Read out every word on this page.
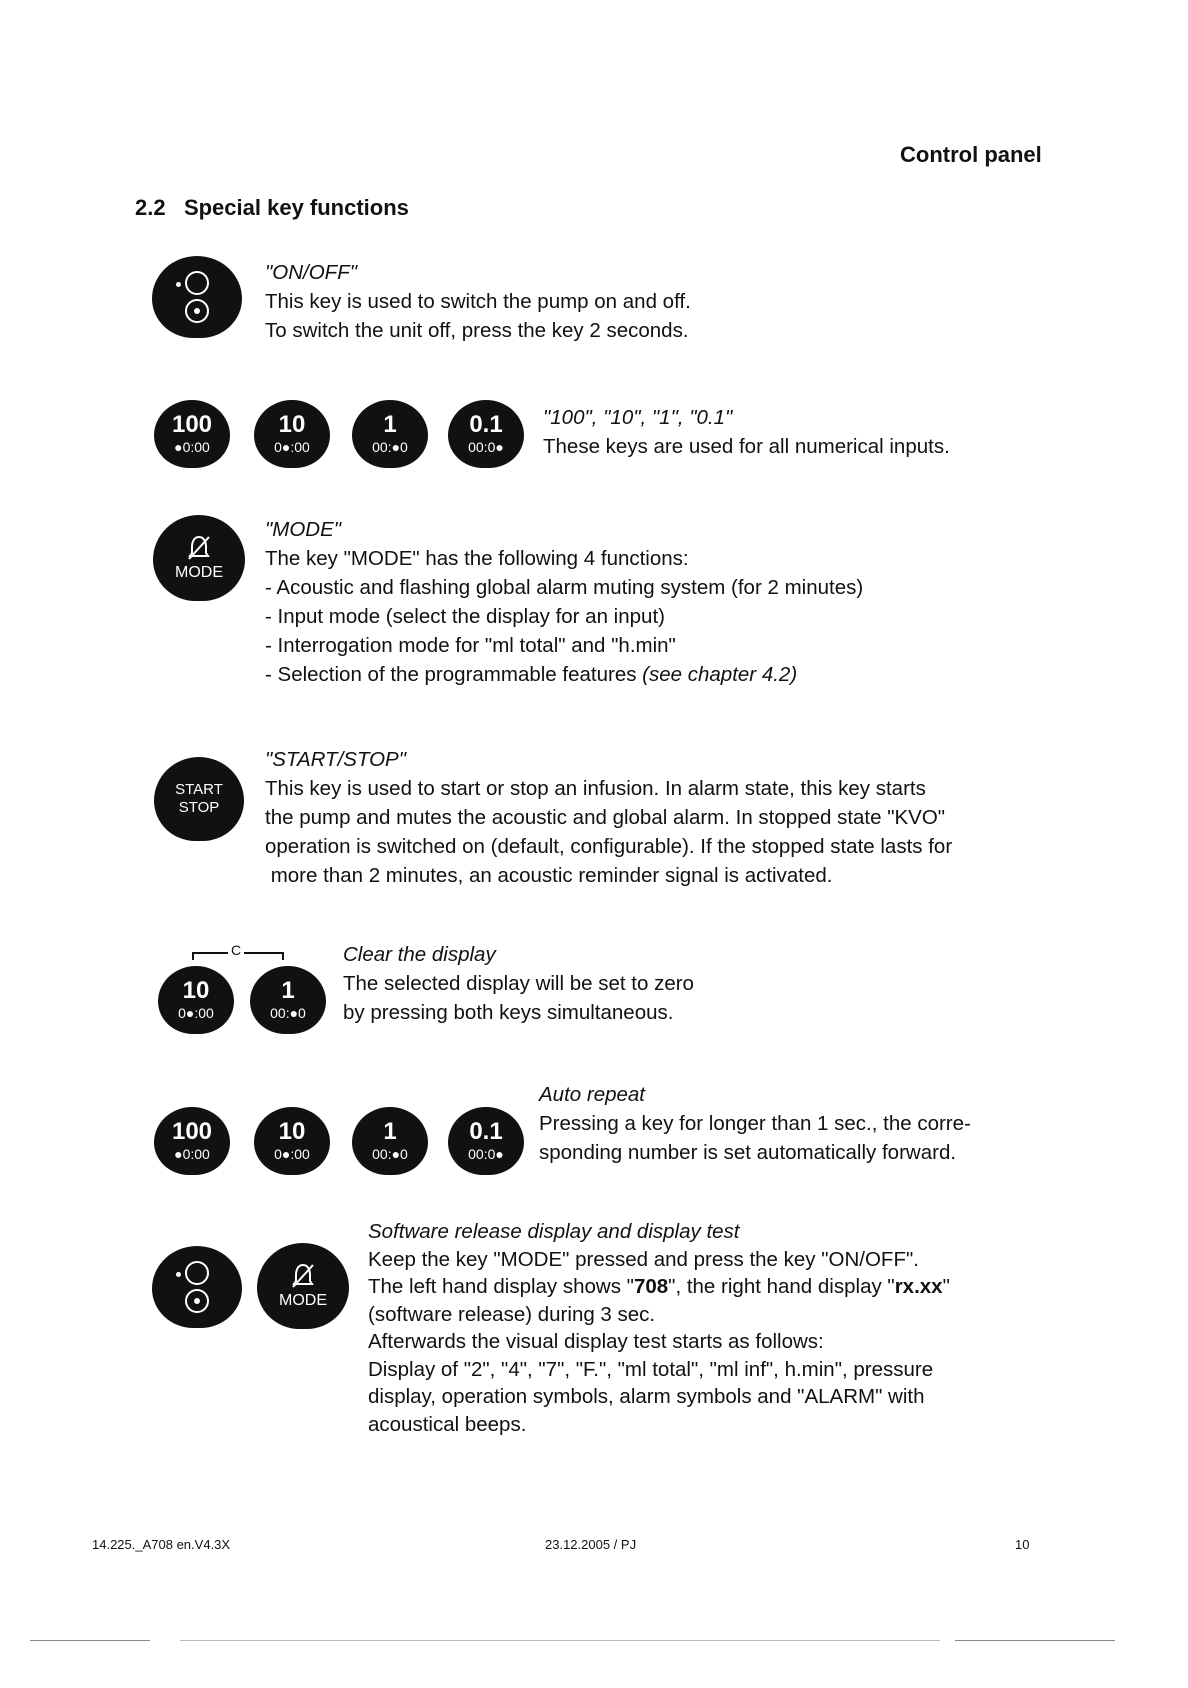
Control panel
2.2 Special key functions
"ON/OFF"
This key is used to switch the pump on and off.
To switch the unit off, press the key 2 seconds.
100
●0:00
10
0●:00
1
00:●0
0.1
00:0●
"100", "10", "1", "0.1"
These keys are used for all numerical inputs.
MODE
"MODE"
The key "MODE" has the following 4 functions:
- Acoustic and flashing global alarm muting system (for 2 minutes)
- Input mode (select the display for an input)
- Interrogation mode for "ml total" and "h.min"
- Selection of the programmable features (see chapter 4.2)
START
STOP
"START/STOP"
This key is used to start or stop an infusion. In alarm state, this key starts
the pump and mutes the acoustic and global alarm. In stopped state "KVO"
operation is switched on (default, configurable). If the stopped state lasts for
more than 2 minutes, an acoustic reminder signal is activated.
C
10
0●:00
1
00:●0
Clear the display
The selected display will be set to zero
by pressing both keys simultaneous.
100
●0:00
10
0●:00
1
00:●0
0.1
00:0●
Auto repeat
Pressing a key for longer than 1 sec., the corre-
sponding number is set automatically forward.
MODE
Software release display and display test
Keep the key "MODE" pressed and press the key "ON/OFF".
The left hand display shows "708", the right hand display "rx.xx"
(software release) during 3 sec.
Afterwards the visual display test starts as follows:
Display of "2", "4", "7", "F.", "ml total", "ml inf", h.min", pressure
display, operation symbols, alarm symbols and "ALARM" with
acoustical beeps.
14.225._A708 en.V4.3X	23.12.2005 / PJ	10
